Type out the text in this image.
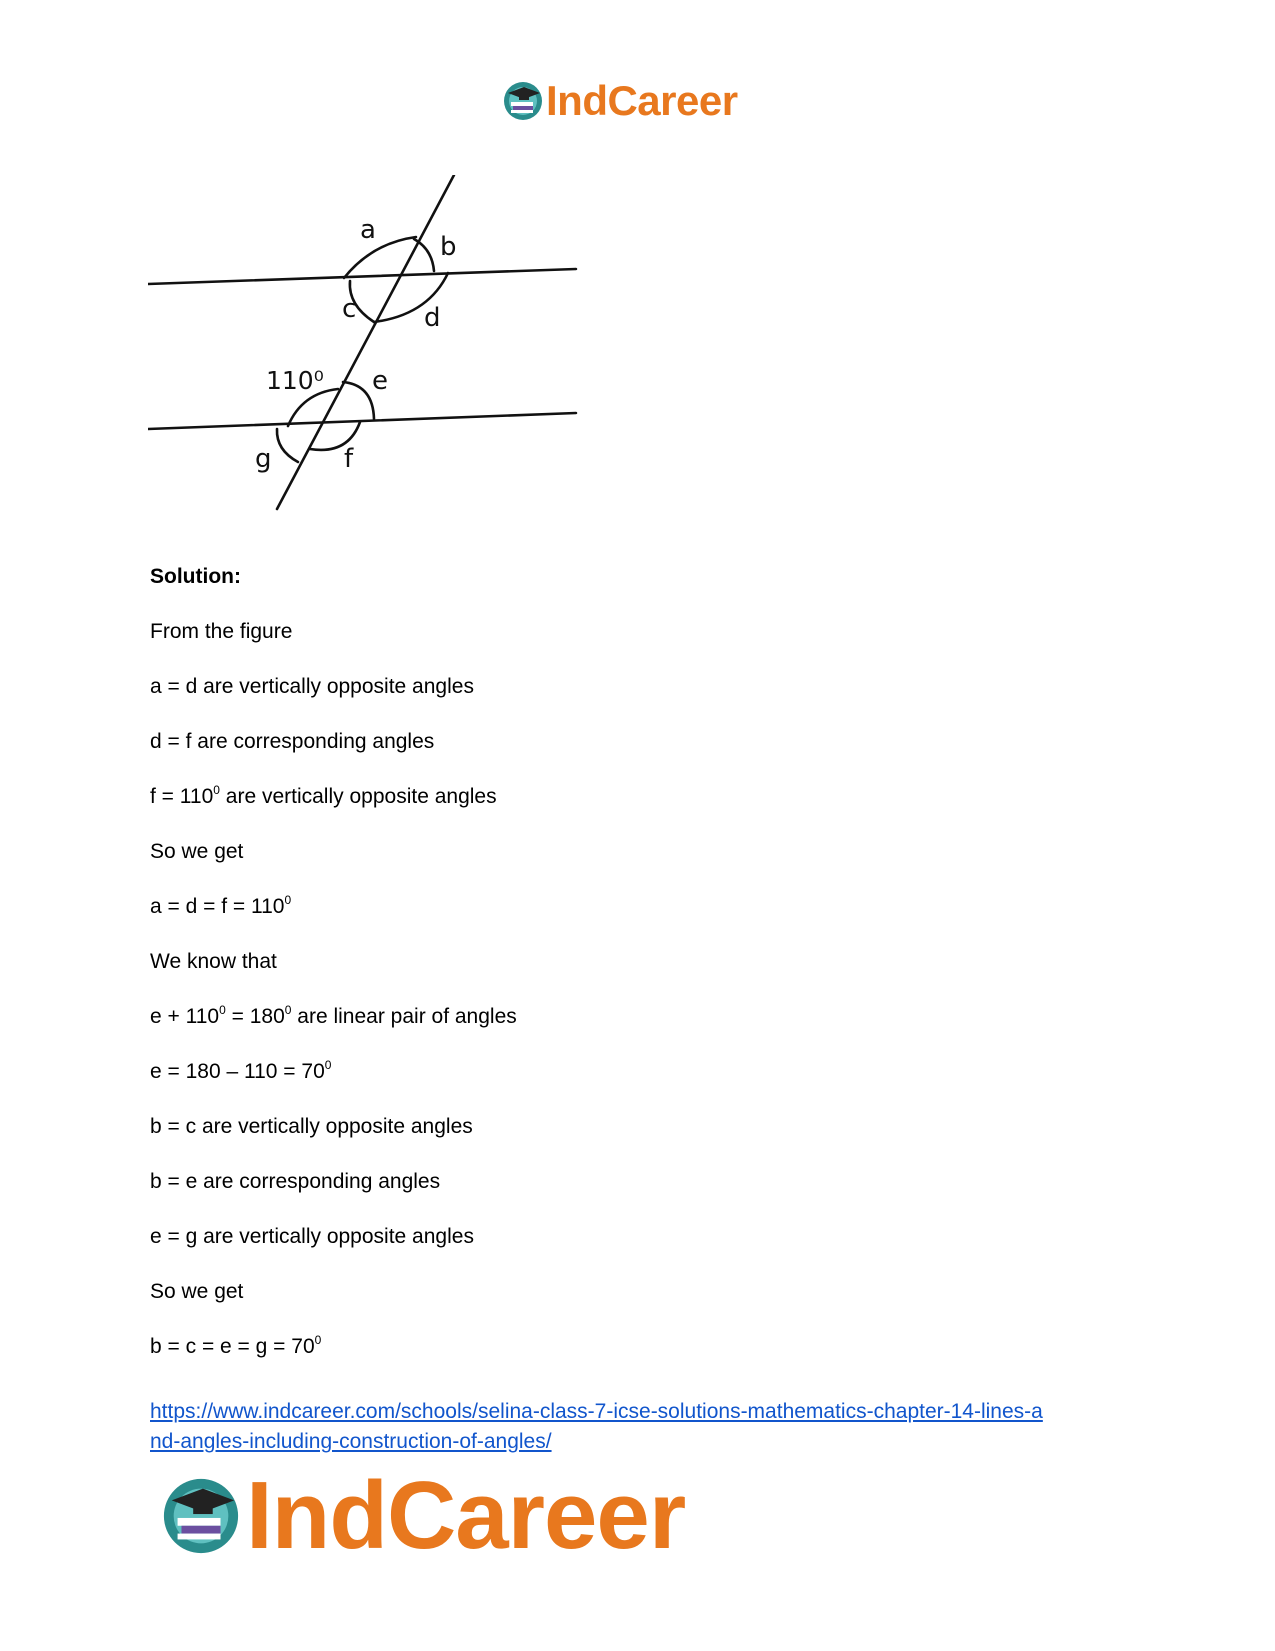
IndCareer
a
b
c	d
110⁰ e
f
g
Solution:
From the figure
a = d are vertically opposite angles
d = f are corresponding angles
$f = 110^0$ are vertically opposite angles
So we get
$a = d = f = 110^0$
We know that
$e + 110^0 = 180^0$ are linear pair of angles
$e = 180 - 110 = 70^0$
b = c are vertically opposite angles
b = e are corresponding angles
e = g are vertically opposite angles
So we get
$b = c = e = g = 70^0$
https://www.indcareer.com/schools/selina-class-7-icse-solutions-mathematics-chapter-14-lines-a
nd-angles-including-construction-of-angles/
IndCareer
